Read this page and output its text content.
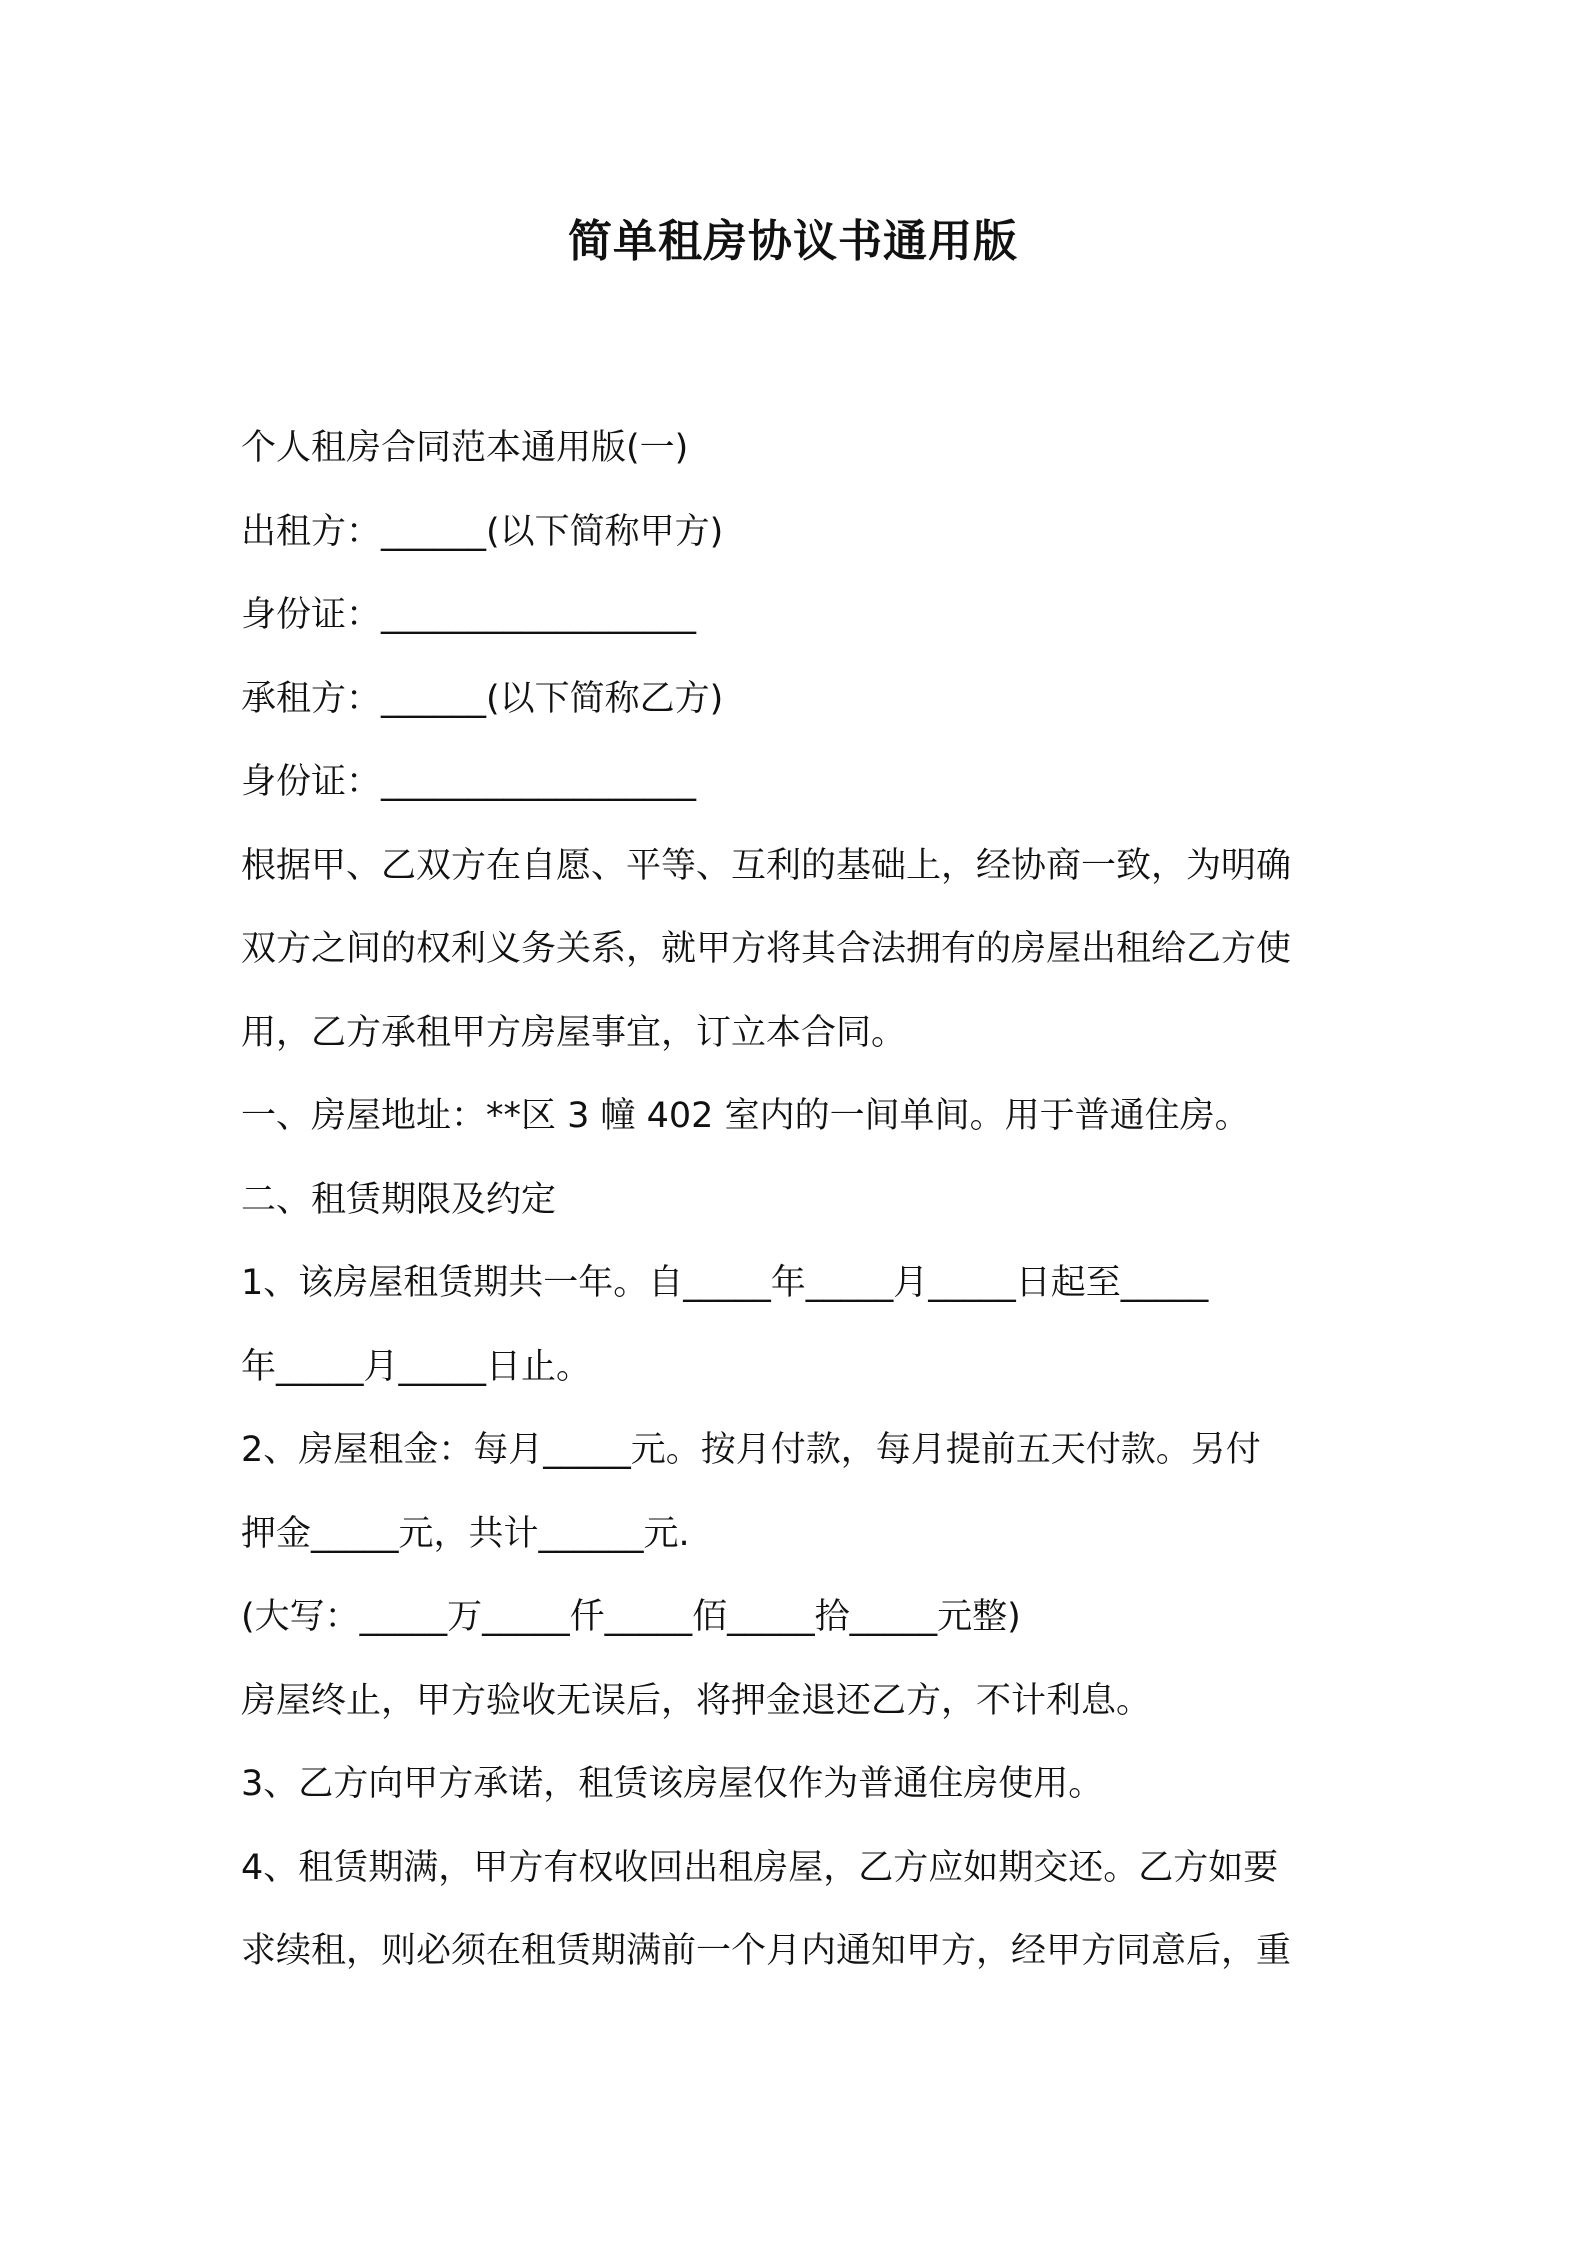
简单租房协议书通用版
个人租房合同范本通用版(一)
出租方：______(以下简称甲方)
身份证：__________________
承租方：______(以下简称乙方)
身份证：__________________
根据甲、乙双方在自愿、平等、互利的基础上，经协商一致，为明确
双方之间的权利义务关系，就甲方将其合法拥有的房屋出租给乙方使
用，乙方承租甲方房屋事宜，订立本合同。
一、房屋地址：**区 3 幢 402 室内的一间单间。用于普通住房。
二、租赁期限及约定
1、该房屋租赁期共一年。自_____年_____月_____日起至_____
年_____月_____日止。
2、房屋租金：每月_____元。按月付款，每月提前五天付款。另付
押金_____元，共计______元.
(大写：_____万_____仟_____佰_____拾_____元整)
房屋终止，甲方验收无误后，将押金退还乙方，不计利息。
3、乙方向甲方承诺，租赁该房屋仅作为普通住房使用。
4、租赁期满，甲方有权收回出租房屋，乙方应如期交还。乙方如要
求续租，则必须在租赁期满前一个月内通知甲方，经甲方同意后，重
